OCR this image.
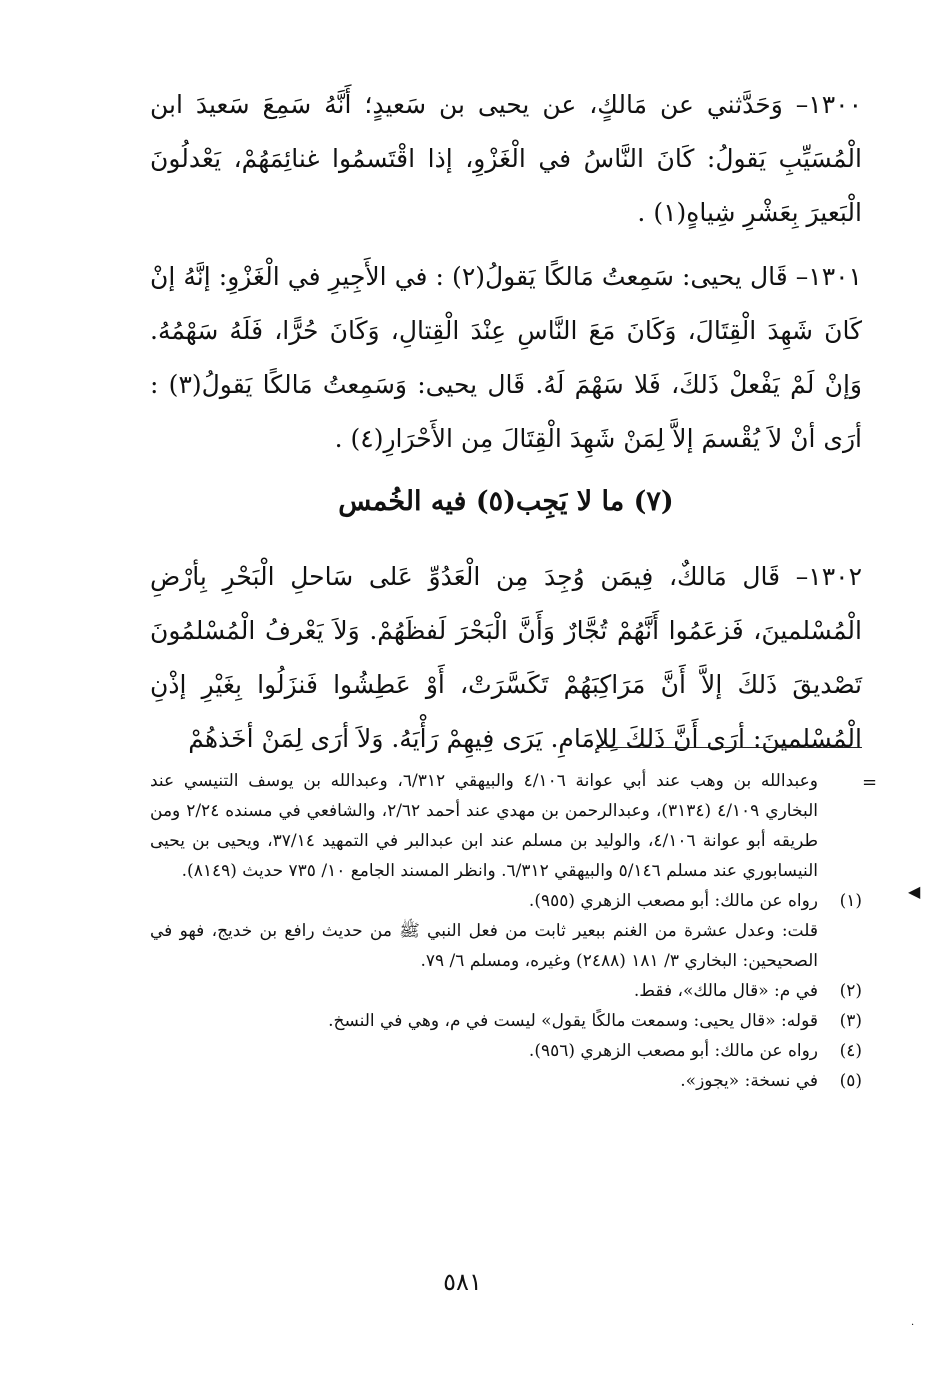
١٣٠٠– وَحَدَّثني عن مَالكٍ، عن يحيى بن سَعيدٍ؛ أَنَّهُ سَمِعَ سَعيدَ ابن الْمُسَيِّبِ يَقولُ: كَانَ النَّاسُ في الْغَزْوِ، إذا اقْتَسمُوا غنائِمَهُمْ، يَعْدلُونَ الْبَعيرَ بِعَشْرِ شِياهٍ(١) .

١٣٠١– قَال يحيى: سَمِعتُ مَالكًا يَقولُ(٢) : في الأَجِيرِ في الْغَزْوِ: إنَّهُ إنْ كَانَ شَهِدَ الْقِتَالَ، وَكَانَ مَعَ النَّاسِ عِنْدَ الْقِتالِ، وَكَانَ حُرًّا، فَلَهُ سَهْمُهُ. وَإنْ لَمْ يَفْعلْ ذَلكَ، فَلا سَهْمَ لَهُ. قَال يحيى: وَسَمِعتُ مَالكًا يَقولُ(٣) : أرَى أنْ لاَ يُقْسمَ إلاَّ لِمَنْ شَهِدَ الْقِتَالَ مِن الأَحْرَارِ(٤) .

(٧) ما لا يَجِب(٥) فيه الخُمس

١٣٠٢– قَال مَالكٌ، فِيمَن وُجِدَ مِن الْعَدُوِّ عَلى سَاحلِ الْبَحْرِ بِأرْضِ الْمُسْلمينَ، فَزعَمُوا أَنَّهُمْ تُجَّارٌ وَأَنَّ الْبَحْرَ لَفظَهُمْ. وَلاَ يَعْرفُ الْمُسْلمُونَ تَصْديقَ ذَلكَ إلاَّ أَنَّ مَرَاكِبَهُمْ تَكَسَّرَتْ، أَوْ عَطِشُوا فَنزَلُوا بِغَيْرِ إذْنِ الْمُسْلمينَ: أرَى أَنَّ ذَلكَ لِلإمَامِ. يَرَى فِيهِمْ رَأْيَهُ. وَلاَ أرَى لِمَنْ أخَذهُمْ

=
◀
وعبدالله بن وهب عند أبي عوانة ٤/١٠٦ والبيهقي ٦/٣١٢، وعبدالله بن يوسف التنيسي عند البخاري ٤/١٠٩ (٣١٣٤)، وعبدالرحمن بن مهدي عند أحمد ٢/٦٢، والشافعي في مسنده ٢/٢٤ ومن طريقه أبو عوانة ٤/١٠٦، والوليد بن مسلم عند ابن عبدالبر في التمهيد ٣٧/١٤، ويحيى بن يحيى النيسابوري عند مسلم ٥/١٤٦ والبيهقي ٦/٣١٢. وانظر المسند الجامع ١٠/ ٧٣٥ حديث (٨١٤٩).
(١)
رواه عن مالك: أبو مصعب الزهري (٩٥٥).
قلت: وعدل عشرة من الغنم ببعير ثابت من فعل النبي ﷺ من حديث رافع بن خديج، فهو في الصحيحين: البخاري ٣/ ١٨١ (٢٤٨٨) وغيره، ومسلم ٦/ ٧٩.
(٢)
في م: «قال مالك»، فقط.
(٣)
قوله: «قال يحيى: وسمعت مالكًا يقول» ليست في م، وهي في النسخ.
(٤)
رواه عن مالك: أبو مصعب الزهري (٩٥٦).
(٥)
في نسخة: «يجوز».
٥٨١
·
